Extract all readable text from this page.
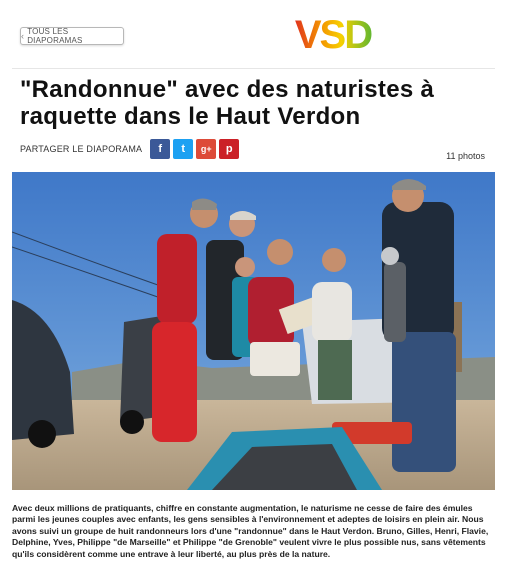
‹ TOUS LES DIAPORAMAS	VSD
"Randonnue" avec des naturistes à raquette dans le Haut Verdon
PARTAGER LE DIAPORAMA f t g+ p
11 photos

Avec deux millions de pratiquants, chiffre en constante augmentation, le naturisme ne cesse de faire des émules parmi les jeunes couples avec enfants, les gens sensibles à l'environnement et adeptes de loisirs en plein air. Nous avons suivi un groupe de huit randonneurs lors d'une "randonnue" dans le Haut Verdon. Bruno, Gilles, Henri, Flavie, Delphine, Yves, Philippe "de Marseille" et Philippe "de Grenoble" veulent vivre le plus possible nus, sans vêtements qu'ils considèrent comme une entrave à leur liberté, au plus près de la nature.
